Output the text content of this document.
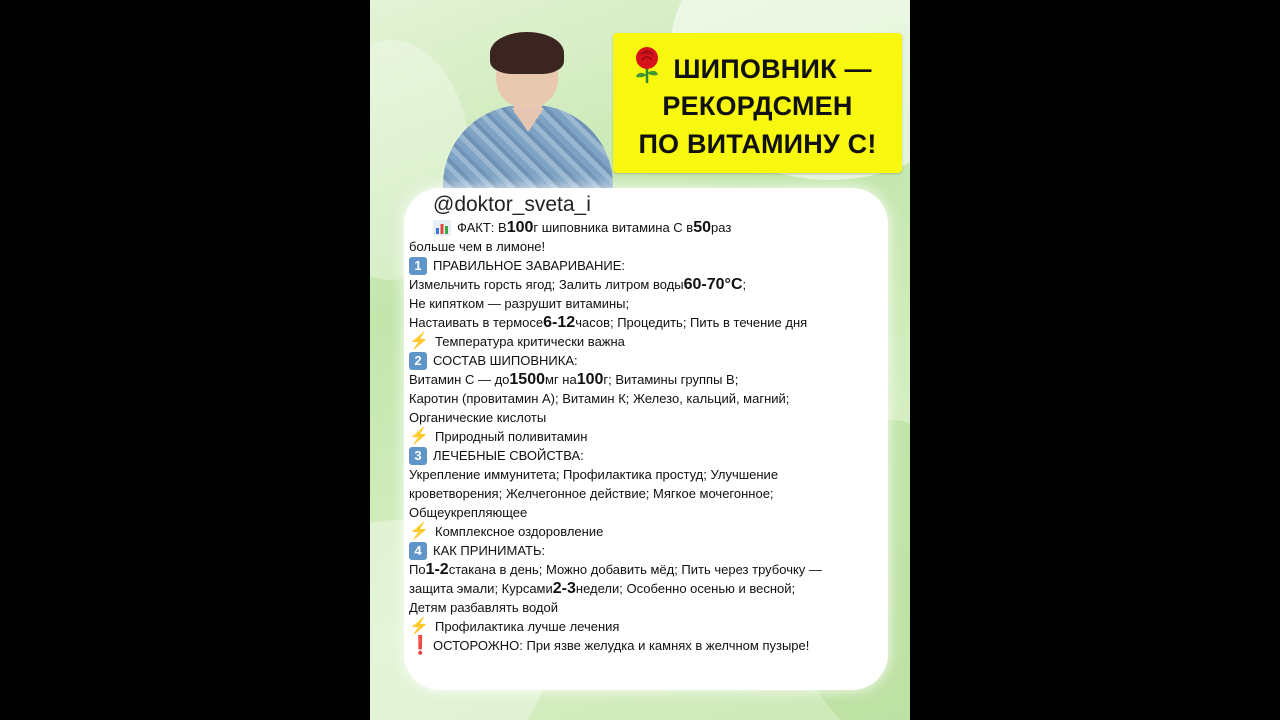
ШИПОВНИК —
РЕКОРДСМЕН
ПО ВИТАМИНУ С!
@doktor_sveta_i
ФАКТ: В 100 г шиповника витамина С в 50 раз
больше чем в лимоне!
1 ПРАВИЛЬНОЕ ЗАВАРИВАНИЕ:
Измельчить горсть ягод; Залить литром воды 60-70°C ;
Не кипятком — разрушит витамины;
Настаивать в термосе 6-12 часов; Процедить; Пить в течение дня
⚡ Температура критически важна
2 СОСТАВ ШИПОВНИКА:
Витамин С — до 1500 мг на 100 г; Витамины группы В;
Каротин (провитамин А); Витамин К; Железо, кальций, магний;
Органические кислоты
⚡ Природный поливитамин
3 ЛЕЧЕБНЫЕ СВОЙСТВА:
Укрепление иммунитета; Профилактика простуд; Улучшение
кроветворения; Желчегонное действие; Мягкое мочегонное;
Общеукрепляющее
⚡ Комплексное оздоровление
4 КАК ПРИНИМАТЬ:
По 1-2 стакана в день; Можно добавить мёд; Пить через трубочку —
защита эмали; Курсами 2-3 недели; Особенно осенью и весной;
Детям разбавлять водой
⚡ Профилактика лучше лечения
❗ ОСТОРОЖНО: При язве желудка и камнях в желчном пузыре!
